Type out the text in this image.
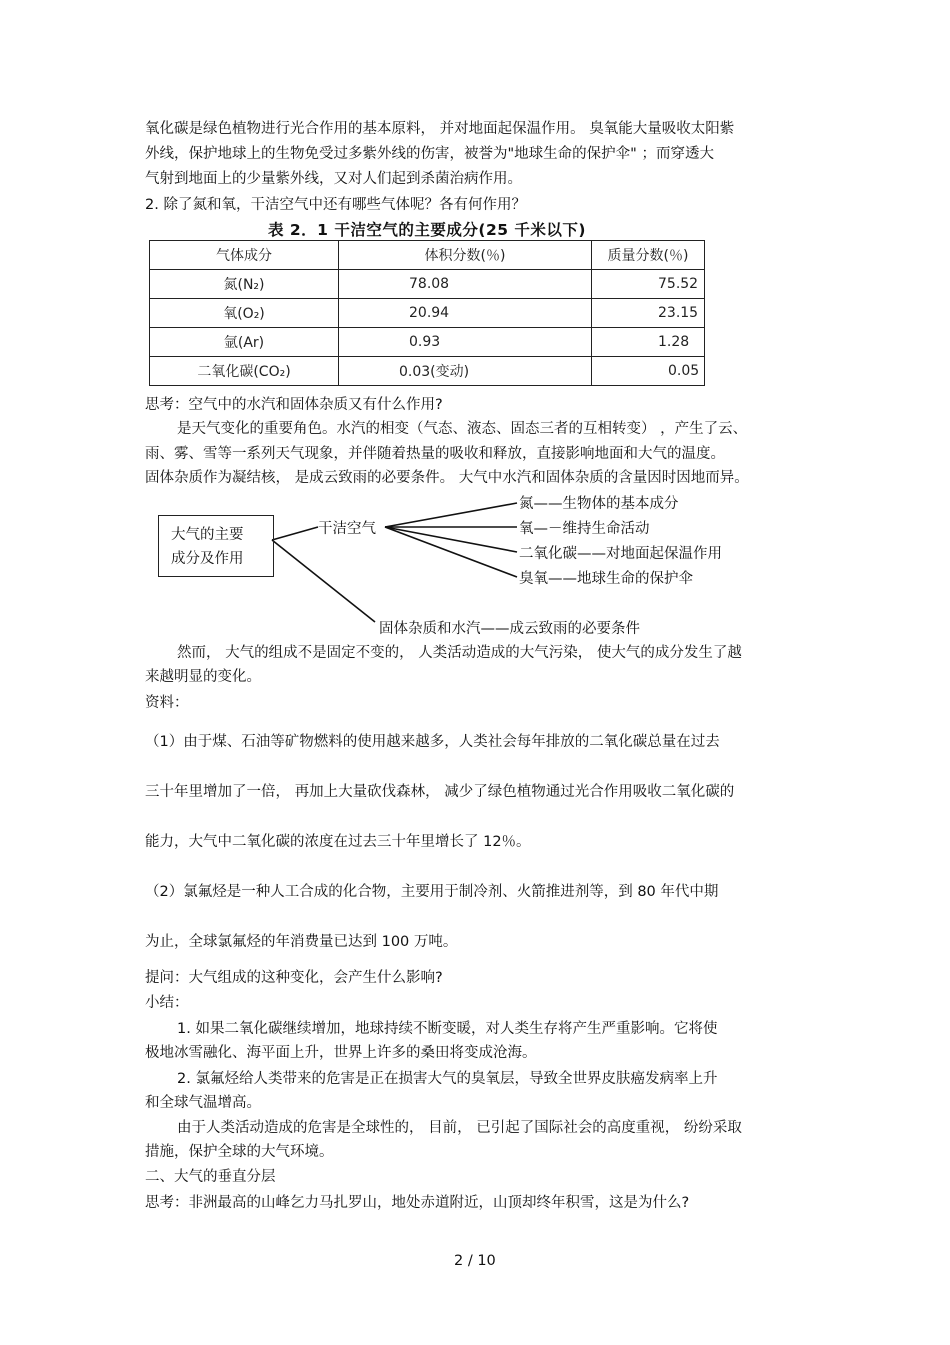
氧化碳是绿色植物进行光合作用的基本原料， 并对地面起保温作用。 臭氧能大量吸收太阳紫
外线，保护地球上的生物免受过多紫外线的伤害，被誉为"地球生命的保护伞" ；而穿透大
气射到地面上的少量紫外线，又对人们起到杀菌治病作用。
2. 除了氮和氧，干洁空气中还有哪些气体呢？各有何作用？
表 2．1 干洁空气的主要成分(25 千米以下)
气体成分	体积分数(％)	质量分数(％)
氮(N₂)	78.08	75.52
氧(O₂)	20.94	23.15
氩(Ar)	0.93	1.28
二氧化碳(CO₂)	0.03(变动)	0.05
思考：空气中的水汽和固体杂质又有什么作用?
是天气变化的重要角色。水汽的相变（气态、液态、固态三者的互相转变） ，产生了云、
雨、雾、雪等一系列天气现象，并伴随着热量的吸收和释放，直接影响地面和大气的温度。
固体杂质作为凝结核， 是成云致雨的必要条件。 大气中水汽和固体杂质的含量因时因地而异。
大气的主要
成分及作用
干洁空气
氮——生物体的基本成分
氧—－维持生命活动
二氧化碳——对地面起保温作用
臭氧——地球生命的保护伞
固体杂质和水汽——成云致雨的必要条件
然而， 大气的组成不是固定不变的， 人类活动造成的大气污染， 使大气的成分发生了越
来越明显的变化。
资料：
（1）由于煤、石油等矿物燃料的使用越来越多，人类社会每年排放的二氧化碳总量在过去
三十年里增加了一倍， 再加上大量砍伐森林， 减少了绿色植物通过光合作用吸收二氧化碳的
能力，大气中二氧化碳的浓度在过去三十年里增长了 12％。
（2）氯氟烃是一种人工合成的化合物，主要用于制冷剂、火箭推进剂等，到 80 年代中期
为止，全球氯氟烃的年消费量已达到 100 万吨。
提问：大气组成的这种变化，会产生什么影响?
小结：
1. 如果二氧化碳继续增加，地球持续不断变暖，对人类生存将产生严重影响。它将使
极地冰雪融化、海平面上升，世界上许多的桑田将变成沧海。
2. 氯氟烃给人类带来的危害是正在损害大气的臭氧层，导致全世界皮肤癌发病率上升
和全球气温增高。
由于人类活动造成的危害是全球性的， 目前， 已引起了国际社会的高度重视， 纷纷采取
措施，保护全球的大气环境。
二、大气的垂直分层
思考：非洲最高的山峰乞力马扎罗山，地处赤道附近，山顶却终年积雪，这是为什么?
2 / 10
